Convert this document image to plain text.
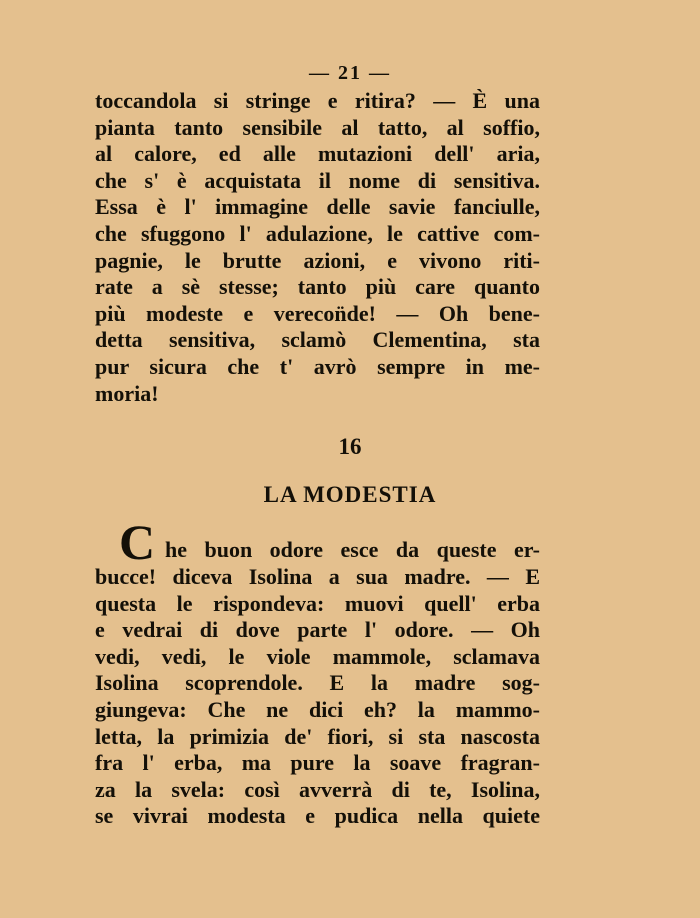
— 21 —
toccandola si stringe e ritira? — È una
pianta tanto sensibile al tatto, al soffio,
al calore, ed alle mutazioni dell' aria,
che s' è acquistata il nome di sensitiva.
Essa è l' immagine delle savie fanciulle,
che sfuggono l' adulazione, le cattive com-
pagnie, le brutte azioni, e vivono riti-
rate a sè stesse; tanto più care quanto
più modeste e verecon̈de! — Oh bene-
detta sensitiva, sclamò Clementina, sta
pur sicura che t' avrò sempre in me-
moria!
16
LA MODESTIA
C he buon odore esce da queste er-
bucce! diceva Isolina a sua madre. — E
questa le rispondeva: muovi quell' erba
e vedrai di dove parte l' odore. — Oh
vedi, vedi, le viole mammole, sclamava
Isolina scoprendole. E la madre sog-
giungeva: Che ne dici eh? la mammo-
letta, la primizia de' fiori, si sta nascosta
fra l' erba, ma pure la soave fragran-
za la svela: così avverrà di te, Isolina,
se vivrai modesta e pudica nella quiete
